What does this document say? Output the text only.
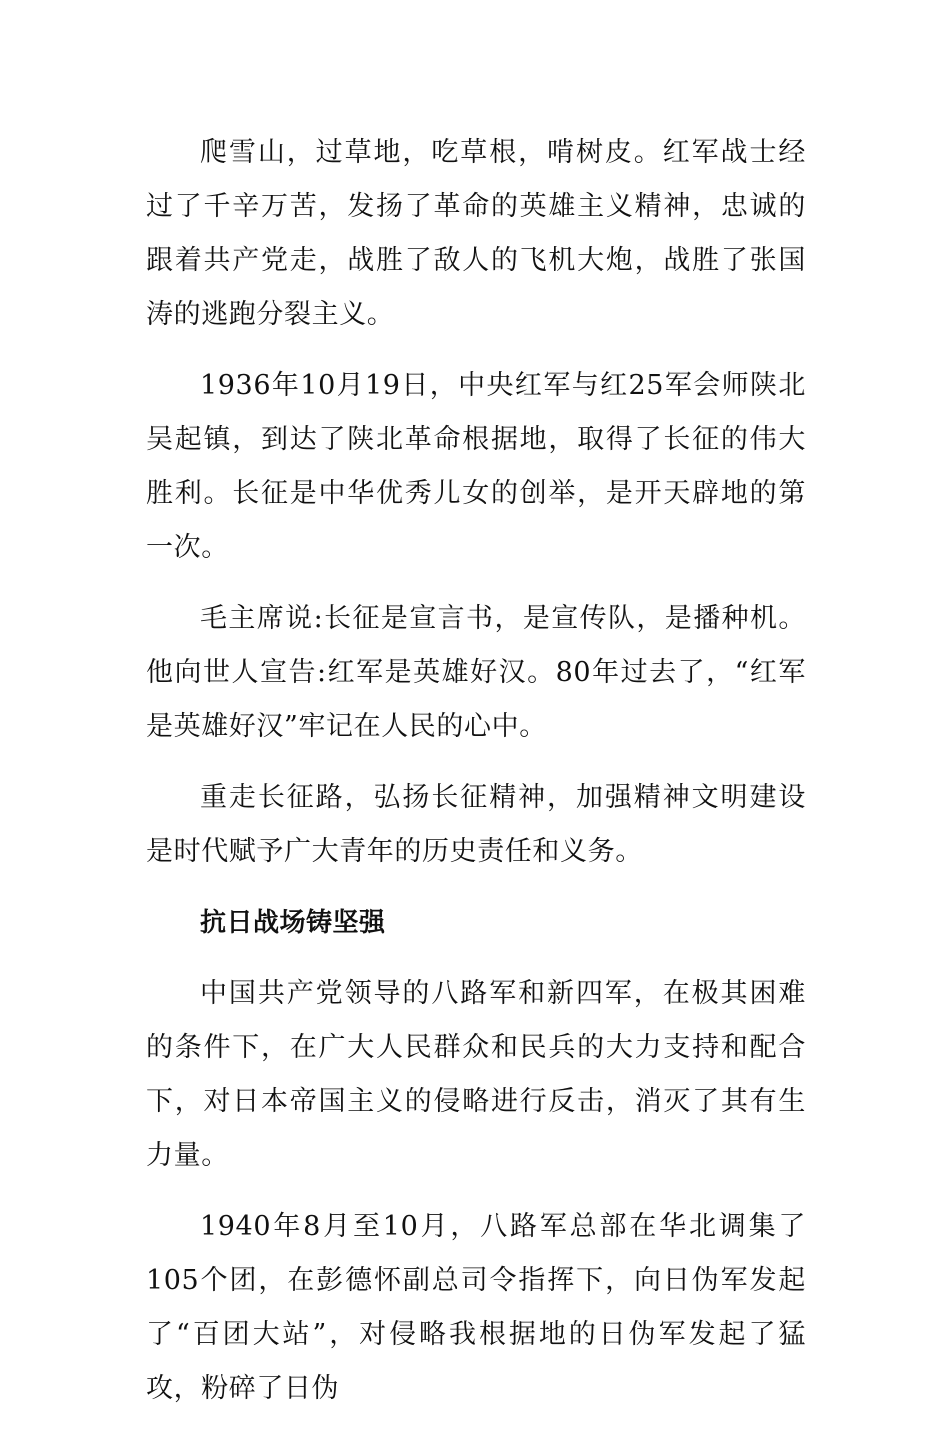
爬雪山，过草地，吃草根，啃树皮。红军战士经过了千辛万苦，发扬了革命的英雄主义精神，忠诚的跟着共产党走，战胜了敌人的飞机大炮，战胜了张国涛的逃跑分裂主义。

1936年10月19日，中央红军与红25军会师陕北吴起镇，到达了陕北革命根据地，取得了长征的伟大胜利。长征是中华优秀儿女的创举，是开天辟地的第一次。

毛主席说:长征是宣言书，是宣传队，是播种机。他向世人宣告:红军是英雄好汉。80年过去了，“红军是英雄好汉”牢记在人民的心中。

重走长征路，弘扬长征精神，加强精神文明建设是时代赋予广大青年的历史责任和义务。

抗日战场铸坚强

中国共产党领导的八路军和新四军，在极其困难的条件下，在广大人民群众和民兵的大力支持和配合下，对日本帝国主义的侵略进行反击，消灭了其有生力量。

1940年8月至10月，八路军总部在华北调集了105个团，在彭德怀副总司令指挥下，向日伪军发起了“百团大站”，对侵略我根据地的日伪军发起了猛攻，粉碎了日伪
